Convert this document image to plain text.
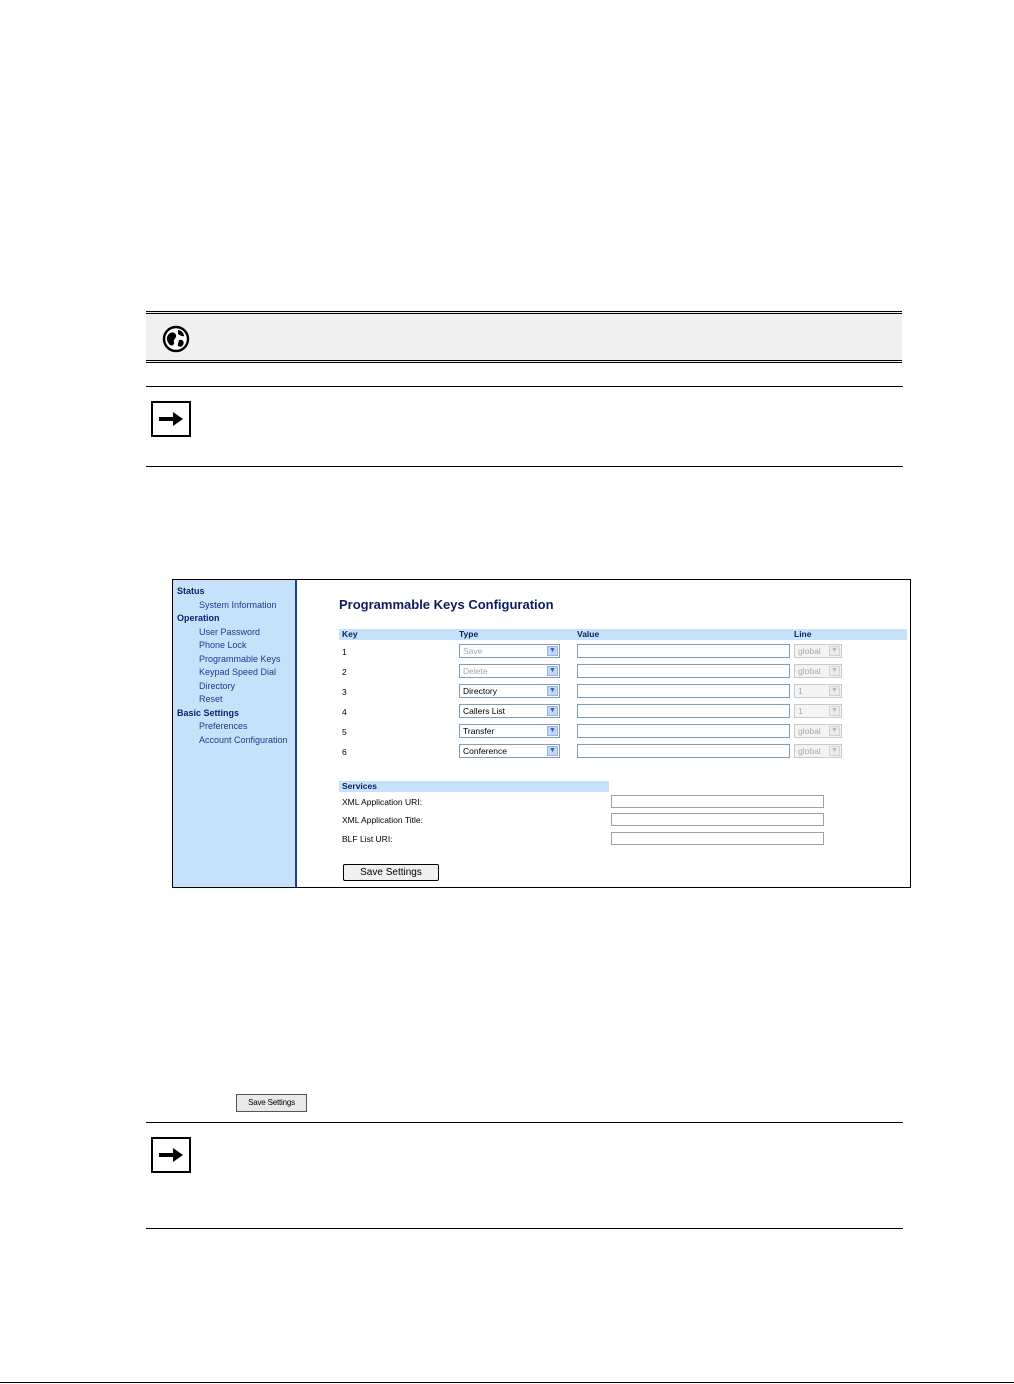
Status
System Information
Operation
User Password
Phone Lock
Programmable Keys
Keypad Speed Dial
Directory
Reset
Basic Settings
Preferences
Account Configuration
Programmable Keys Configuration
Key	Type	Value	Line
1	Save	▼	global ▼
2	Delete	▼	global ▼
3	Directory	▼	1	▼
4	Callers List	▼	1	▼
5	Transfer	▼	global ▼
6	Conference	▼	global ▼
Services
XML Application URI:
XML Application Title:
BLF List URI:
Save Settings
Save Settings
